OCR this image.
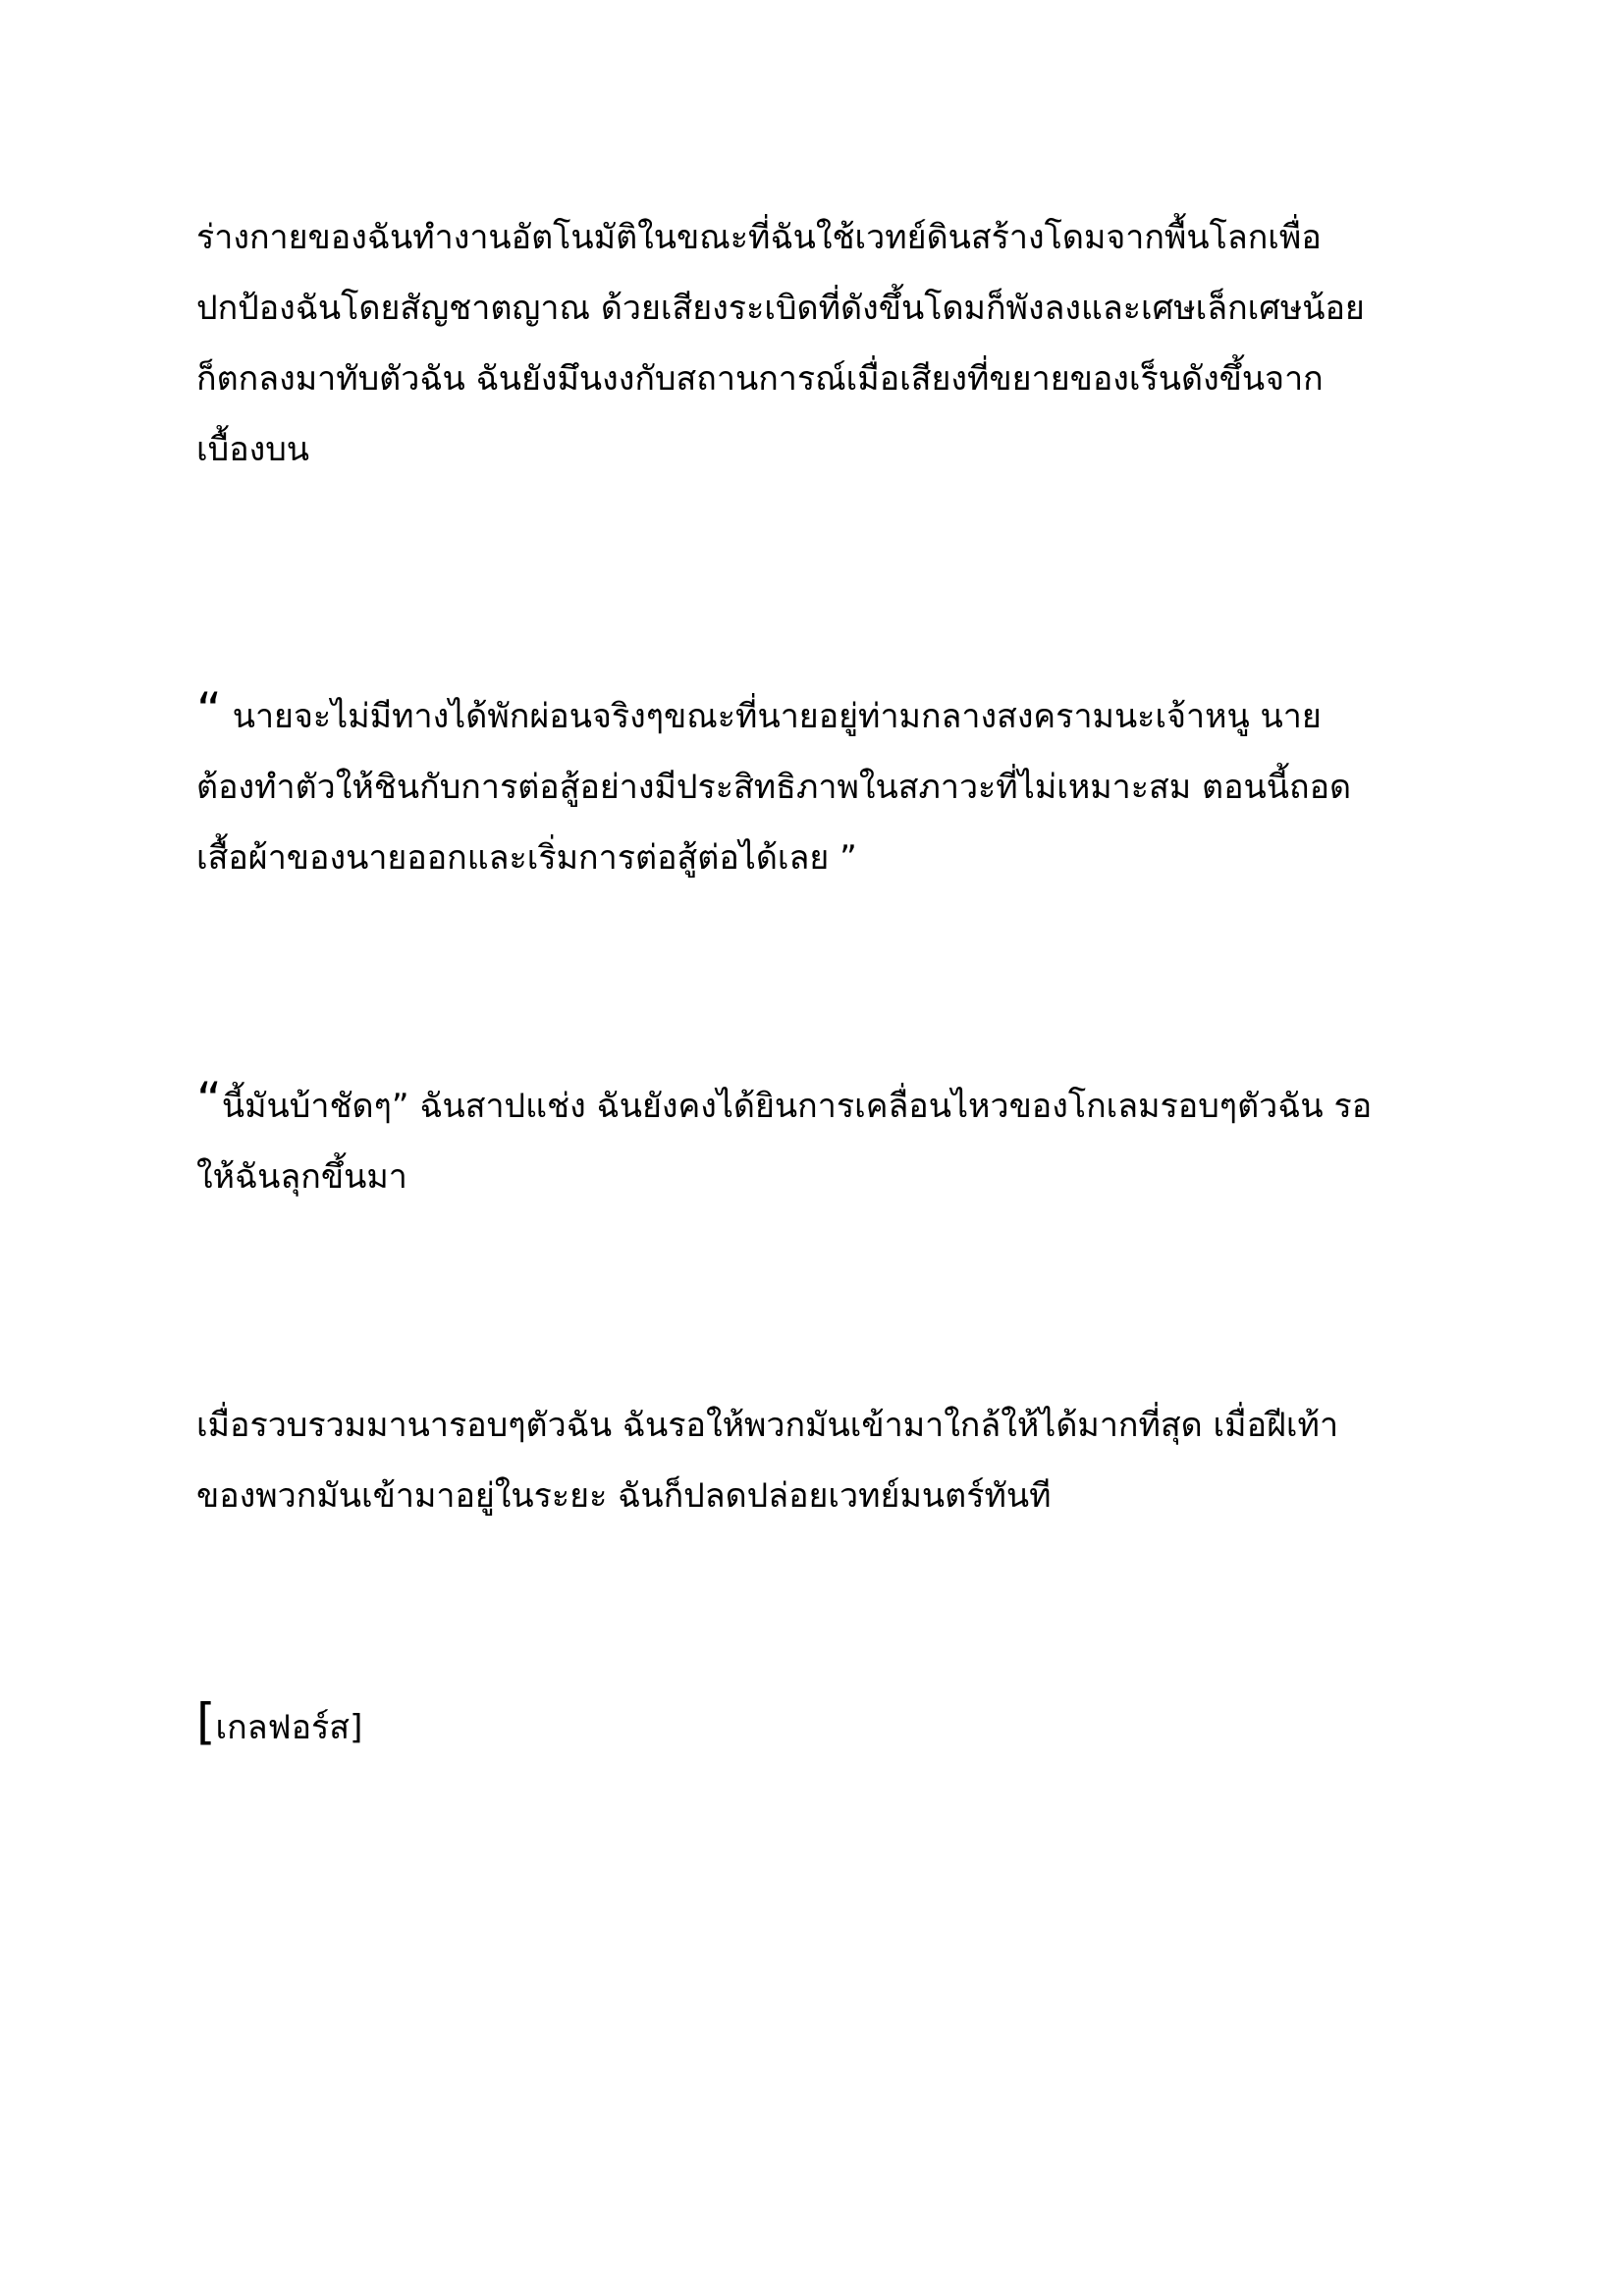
ร่างกายของฉันทำงานอัตโนมัติในขณะที่ฉันใช้เวทย์ดินสร้างโดมจากพื้นโลกเพื่อ
ปกป้องฉันโดยสัญชาตญาณ ด้วยเสียงระเบิดที่ดังขึ้นโดมก็พังลงและเศษเล็กเศษน้อย
ก็ตกลงมาทับตัวฉัน ฉันยังมึนงงกับสถานการณ์เมื่อเสียงที่ขยายของเร็นดังขึ้นจาก
เบื้องบน

“ นายจะไม่มีทางได้พักผ่อนจริงๆขณะที่นายอยู่ท่ามกลางสงครามนะเจ้าหนู นาย
ต้องทำตัวให้ชินกับการต่อสู้อย่างมีประสิทธิภาพในสภาวะที่ไม่เหมาะสม ตอนนี้ถอด
เสื้อผ้าของนายออกและเริ่มการต่อสู้ต่อได้เลย ”

“นี้มันบ้าชัดๆ” ฉันสาปแช่ง ฉันยังคงได้ยินการเคลื่อนไหวของโกเลมรอบๆตัวฉัน รอ
ให้ฉันลุกขึ้นมา

เมื่อรวบรวมมานารอบๆตัวฉัน ฉันรอให้พวกมันเข้ามาใกล้ให้ได้มากที่สุด เมื่อฝีเท้า
ของพวกมันเข้ามาอยู่ในระยะ ฉันก็ปลดปล่อยเวทย์มนตร์ทันที

[เกลฟอร์ส]
